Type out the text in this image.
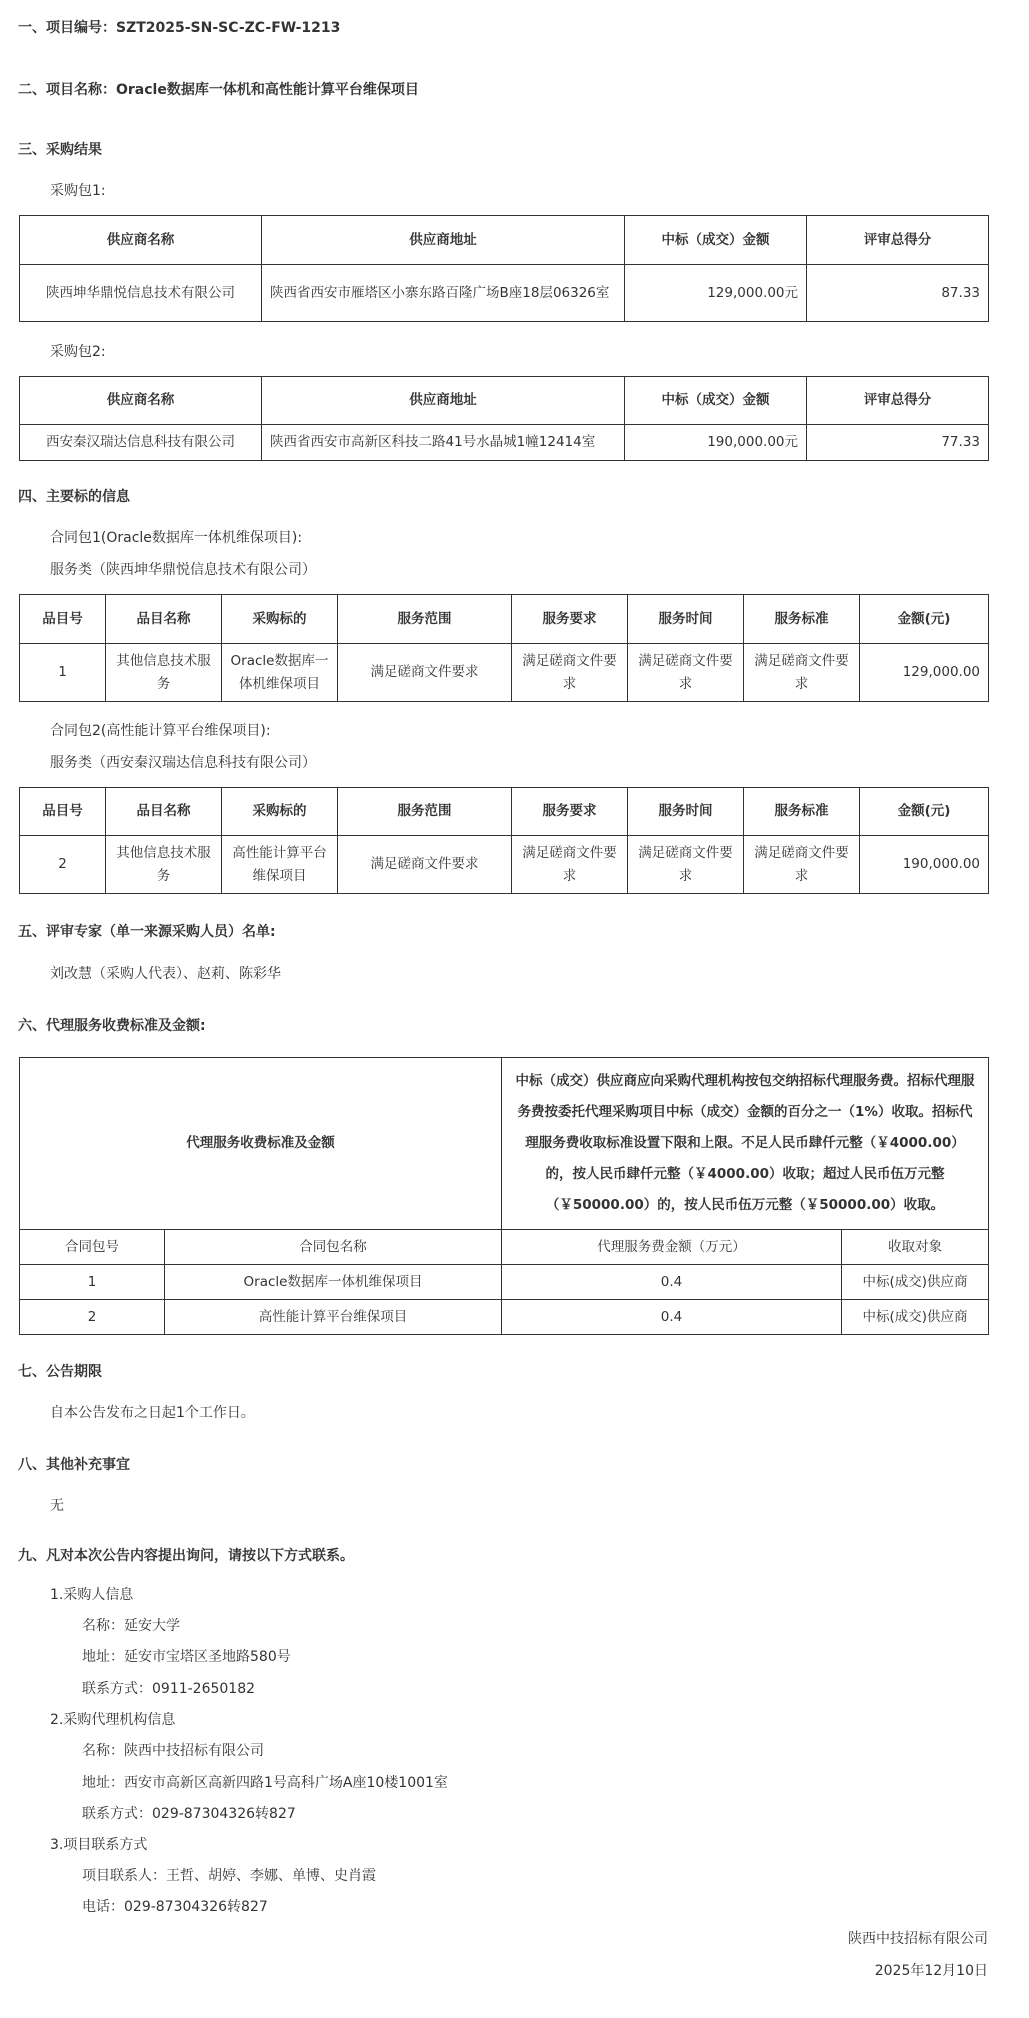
一、项目编号：SZT2025-SN-SC-ZC-FW-1213
二、项目名称：Oracle数据库一体机和高性能计算平台维保项目
三、采购结果
采购包1:
供应商名称	供应商地址	中标（成交）金额	评审总得分
陕西坤华鼎悦信息技术有限公司	陕西省西安市雁塔区小寨东路百隆广场B座18层06326室	129,000.00元	87.33
采购包2:
供应商名称	供应商地址	中标（成交）金额	评审总得分
西安秦汉瑞达信息科技有限公司	陕西省西安市高新区科技二路41号水晶城1幢12414室	190,000.00元	77.33
四、主要标的信息
合同包1(Oracle数据库一体机维保项目):
服务类（陕西坤华鼎悦信息技术有限公司）
品目号	品目名称	采购标的	服务范围	服务要求	服务时间	服务标准	金额(元)
1	其他信息技术服务	Oracle数据库一体机维保项目	满足磋商文件要求	满足磋商文件要求	满足磋商文件要求	满足磋商文件要求	129,000.00
合同包2(高性能计算平台维保项目):
服务类（西安秦汉瑞达信息科技有限公司）
品目号	品目名称	采购标的	服务范围	服务要求	服务时间	服务标准	金额(元)
2	其他信息技术服务	高性能计算平台维保项目	满足磋商文件要求	满足磋商文件要求	满足磋商文件要求	满足磋商文件要求	190,000.00
五、评审专家（单一来源采购人员）名单:
刘改慧（采购人代表）、赵莉、陈彩华
六、代理服务收费标准及金额:
代理服务收费标准及金额		中标（成交）供应商应向采购代理机构按包交纳招标代理服务费。招标代理服务费按委托代理采购项目中标（成交）金额的百分之一（1%）收取。招标代理服务费收取标准设置下限和上限。不足人民币肆仟元整（￥4000.00）的，按人民币肆仟元整（￥4000.00）收取；超过人民币伍万元整（￥50000.00）的，按人民币伍万元整（￥50000.00）收取。	
合同包号	合同包名称	代理服务费金额（万元）	收取对象
1	Oracle数据库一体机维保项目	0.4	中标(成交)供应商
2	高性能计算平台维保项目	0.4	中标(成交)供应商
七、公告期限
自本公告发布之日起1个工作日。
八、其他补充事宜
无
九、凡对本次公告内容提出询问，请按以下方式联系。
1.采购人信息
名称：延安大学
地址：延安市宝塔区圣地路580号
联系方式：0911-2650182
2.采购代理机构信息
名称：陕西中技招标有限公司
地址：西安市高新区高新四路1号高科广场A座10楼1001室
联系方式：029-87304326转827
3.项目联系方式
项目联系人：王哲、胡婷、李娜、单博、史肖霞
电话：029-87304326转827
陕西中技招标有限公司
2025年12月10日
